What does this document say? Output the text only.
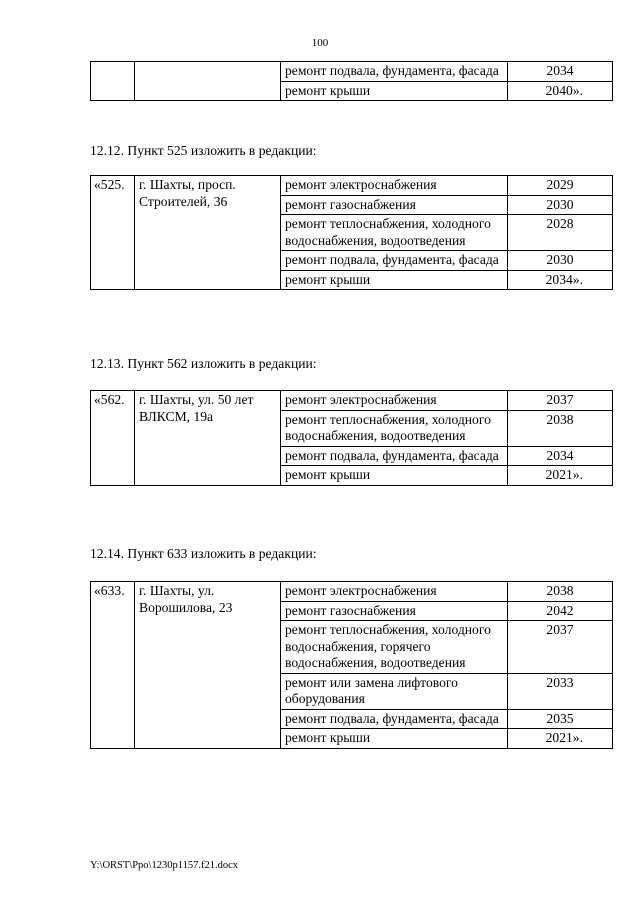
100
		ремонт подвала, фундамента, фасада	2034
		ремонт крыши	2040».
12.12. Пункт 525 изложить в редакции:
«525.	г. Шахты, просп. Строителей, 36	ремонт электроснабжения	2029
		ремонт газоснабжения	2030
		ремонт теплоснабжения, холодного водоснабжения, водоотведения	2028
		ремонт подвала, фундамента, фасада	2030
		ремонт крыши	2034».
12.13. Пункт 562 изложить в редакции:
«562.	г. Шахты, ул. 50 лет ВЛКСМ, 19а	ремонт электроснабжения	2037
		ремонт теплоснабжения, холодного водоснабжения, водоотведения	2038
		ремонт подвала, фундамента, фасада	2034
		ремонт крыши	2021».
12.14. Пункт 633 изложить в редакции:
«633.	г. Шахты, ул. Ворошилова, 23	ремонт электроснабжения	2038
		ремонт газоснабжения	2042
		ремонт теплоснабжения, холодного водоснабжения, горячего водоснабжения, водоотведения	2037
		ремонт или замена лифтового оборудования	2033
		ремонт подвала, фундамента, фасада	2035
		ремонт крыши	2021».
Y:\ORST\Ppo\1230p1157.f21.docx
